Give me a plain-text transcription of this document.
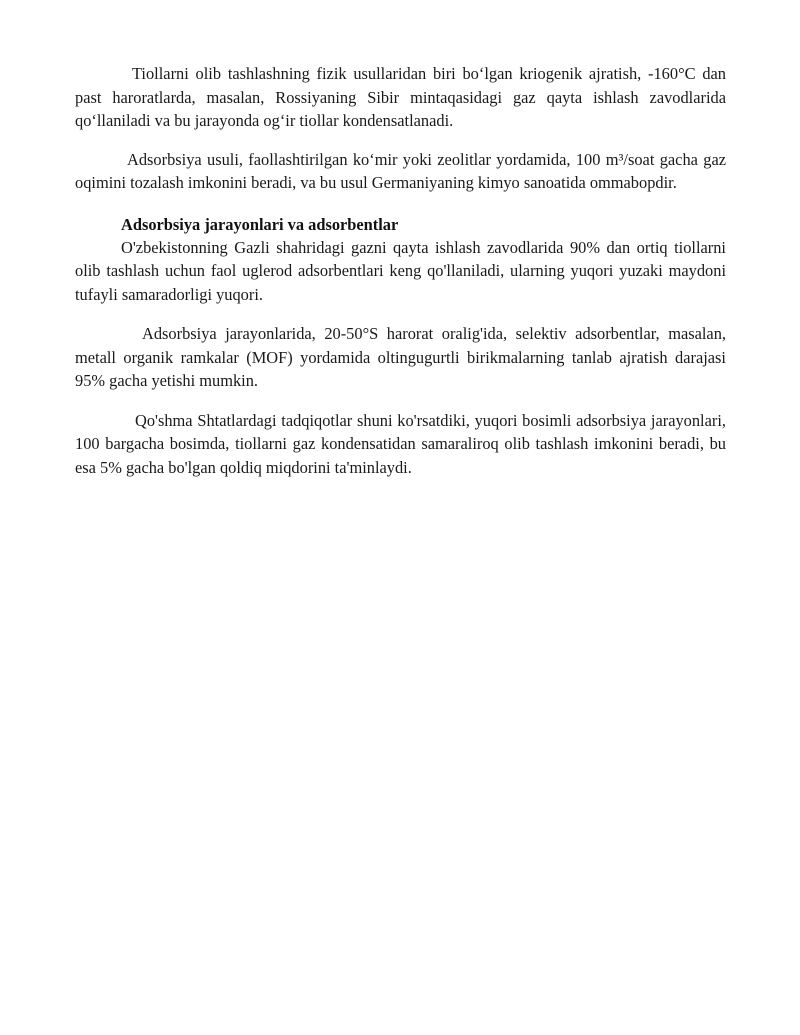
Tiollarni olib tashlashning fizik usullaridan biri bo‘lgan kriogenik ajratish, -160°C dan past haroratlarda, masalan, Rossiyaning Sibir mintaqasidagi gaz qayta ishlash zavodlarida qo‘llaniladi va bu jarayonda og‘ir tiollar kondensatlanadi.

Adsorbsiya usuli, faollashtirilgan ko‘mir yoki zeolitlar yordamida, 100 m³/soat gacha gaz oqimini tozalash imkonini beradi, va bu usul Germaniyaning kimyo sanoatida ommabopdir.

Adsorbsiya jarayonlari va adsorbentlar

O'zbekistonning Gazli shahridagi gazni qayta ishlash zavodlarida 90% dan ortiq tiollarni olib tashlash uchun faol uglerod adsorbentlari keng qo'llaniladi, ularning yuqori yuzaki maydoni tufayli samaradorligi yuqori.

Adsorbsiya jarayonlarida, 20-50°S harorat oralig'ida, selektiv adsorbentlar, masalan, metall organik ramkalar (MOF) yordamida oltingugurtli birikmalarning tanlab ajratish darajasi 95% gacha yetishi mumkin.

Qo'shma Shtatlardagi tadqiqotlar shuni ko'rsatdiki, yuqori bosimli adsorbsiya jarayonlari, 100 bargacha bosimda, tiollarni gaz kondensatidan samaraliroq olib tashlash imkonini beradi, bu esa 5% gacha bo'lgan qoldiq miqdorini ta'minlaydi.
